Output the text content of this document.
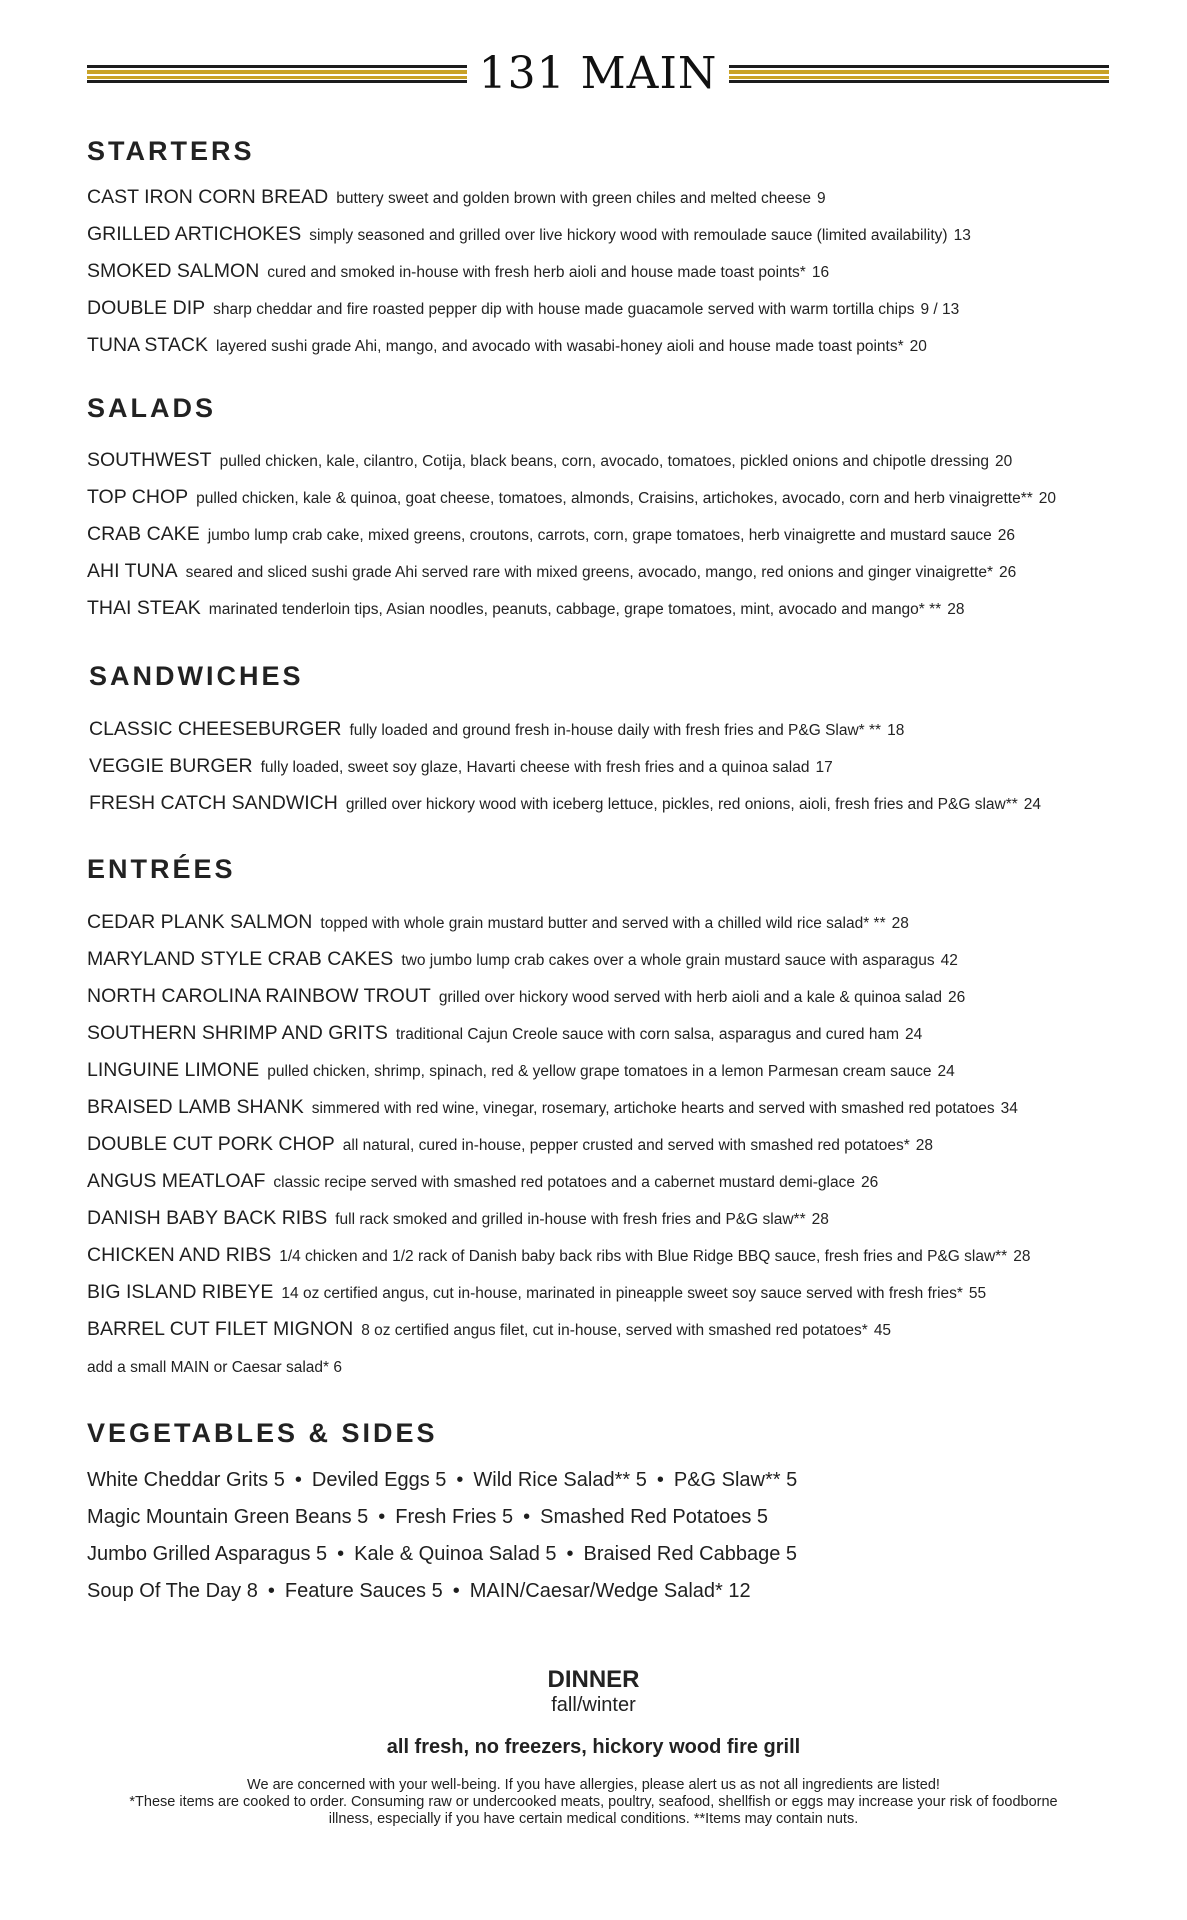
131 MAIN
STARTERS
CAST IRON CORN BREAD buttery sweet and golden brown with green chiles and melted cheese 9
GRILLED ARTICHOKES simply seasoned and grilled over live hickory wood with remoulade sauce (limited availability) 13
SMOKED SALMON cured and smoked in-house with fresh herb aioli and house made toast points* 16
DOUBLE DIP sharp cheddar and fire roasted pepper dip with house made guacamole served with warm tortilla chips 9 / 13
TUNA STACK layered sushi grade Ahi, mango, and avocado with wasabi-honey aioli and house made toast points* 20
SALADS
SOUTHWEST pulled chicken, kale, cilantro, Cotija, black beans, corn, avocado, tomatoes, pickled onions and chipotle dressing 20
TOP CHOP pulled chicken, kale & quinoa, goat cheese, tomatoes, almonds, Craisins, artichokes, avocado, corn and herb vinaigrette** 20
CRAB CAKE jumbo lump crab cake, mixed greens, croutons, carrots, corn, grape tomatoes, herb vinaigrette and mustard sauce 26
AHI TUNA seared and sliced sushi grade Ahi served rare with mixed greens, avocado, mango, red onions and ginger vinaigrette* 26
THAI STEAK marinated tenderloin tips, Asian noodles, peanuts, cabbage, grape tomatoes, mint, avocado and mango* ** 28
SANDWICHES
CLASSIC CHEESEBURGER fully loaded and ground fresh in-house daily with fresh fries and P&G Slaw* ** 18
VEGGIE BURGER fully loaded, sweet soy glaze, Havarti cheese with fresh fries and a quinoa salad 17
FRESH CATCH SANDWICH grilled over hickory wood with iceberg lettuce, pickles, red onions, aioli, fresh fries and P&G slaw** 24
ENTRÉES
CEDAR PLANK SALMON topped with whole grain mustard butter and served with a chilled wild rice salad* ** 28
MARYLAND STYLE CRAB CAKES two jumbo lump crab cakes over a whole grain mustard sauce with asparagus 42
NORTH CAROLINA RAINBOW TROUT grilled over hickory wood served with herb aioli and a kale & quinoa salad 26
SOUTHERN SHRIMP AND GRITS traditional Cajun Creole sauce with corn salsa, asparagus and cured ham 24
LINGUINE LIMONE pulled chicken, shrimp, spinach, red & yellow grape tomatoes in a lemon Parmesan cream sauce 24
BRAISED LAMB SHANK simmered with red wine, vinegar, rosemary, artichoke hearts and served with smashed red potatoes 34
DOUBLE CUT PORK CHOP all natural, cured in-house, pepper crusted and served with smashed red potatoes* 28
ANGUS MEATLOAF classic recipe served with smashed red potatoes and a cabernet mustard demi-glace 26
DANISH BABY BACK RIBS full rack smoked and grilled in-house with fresh fries and P&G slaw** 28
CHICKEN AND RIBS 1/4 chicken and 1/2 rack of Danish baby back ribs with Blue Ridge BBQ sauce, fresh fries and P&G slaw** 28
BIG ISLAND RIBEYE 14 oz certified angus, cut in-house, marinated in pineapple sweet soy sauce served with fresh fries* 55
BARREL CUT FILET MIGNON 8 oz certified angus filet, cut in-house, served with smashed red potatoes* 45
add a small MAIN or Caesar salad* 6
VEGETABLES & SIDES
White Cheddar Grits 5 • Deviled Eggs 5 • Wild Rice Salad** 5 • P&G Slaw** 5
Magic Mountain Green Beans 5 • Fresh Fries 5 • Smashed Red Potatoes 5
Jumbo Grilled Asparagus 5 • Kale & Quinoa Salad 5 • Braised Red Cabbage 5
Soup Of The Day 8 • Feature Sauces 5 • MAIN/Caesar/Wedge Salad* 12
DINNER
fall/winter
all fresh, no freezers, hickory wood fire grill
We are concerned with your well-being. If you have allergies, please alert us as not all ingredients are listed!
*These items are cooked to order. Consuming raw or undercooked meats, poultry, seafood, shellfish or eggs may increase your risk of foodborne illness, especially if you have certain medical conditions. **Items may contain nuts.
